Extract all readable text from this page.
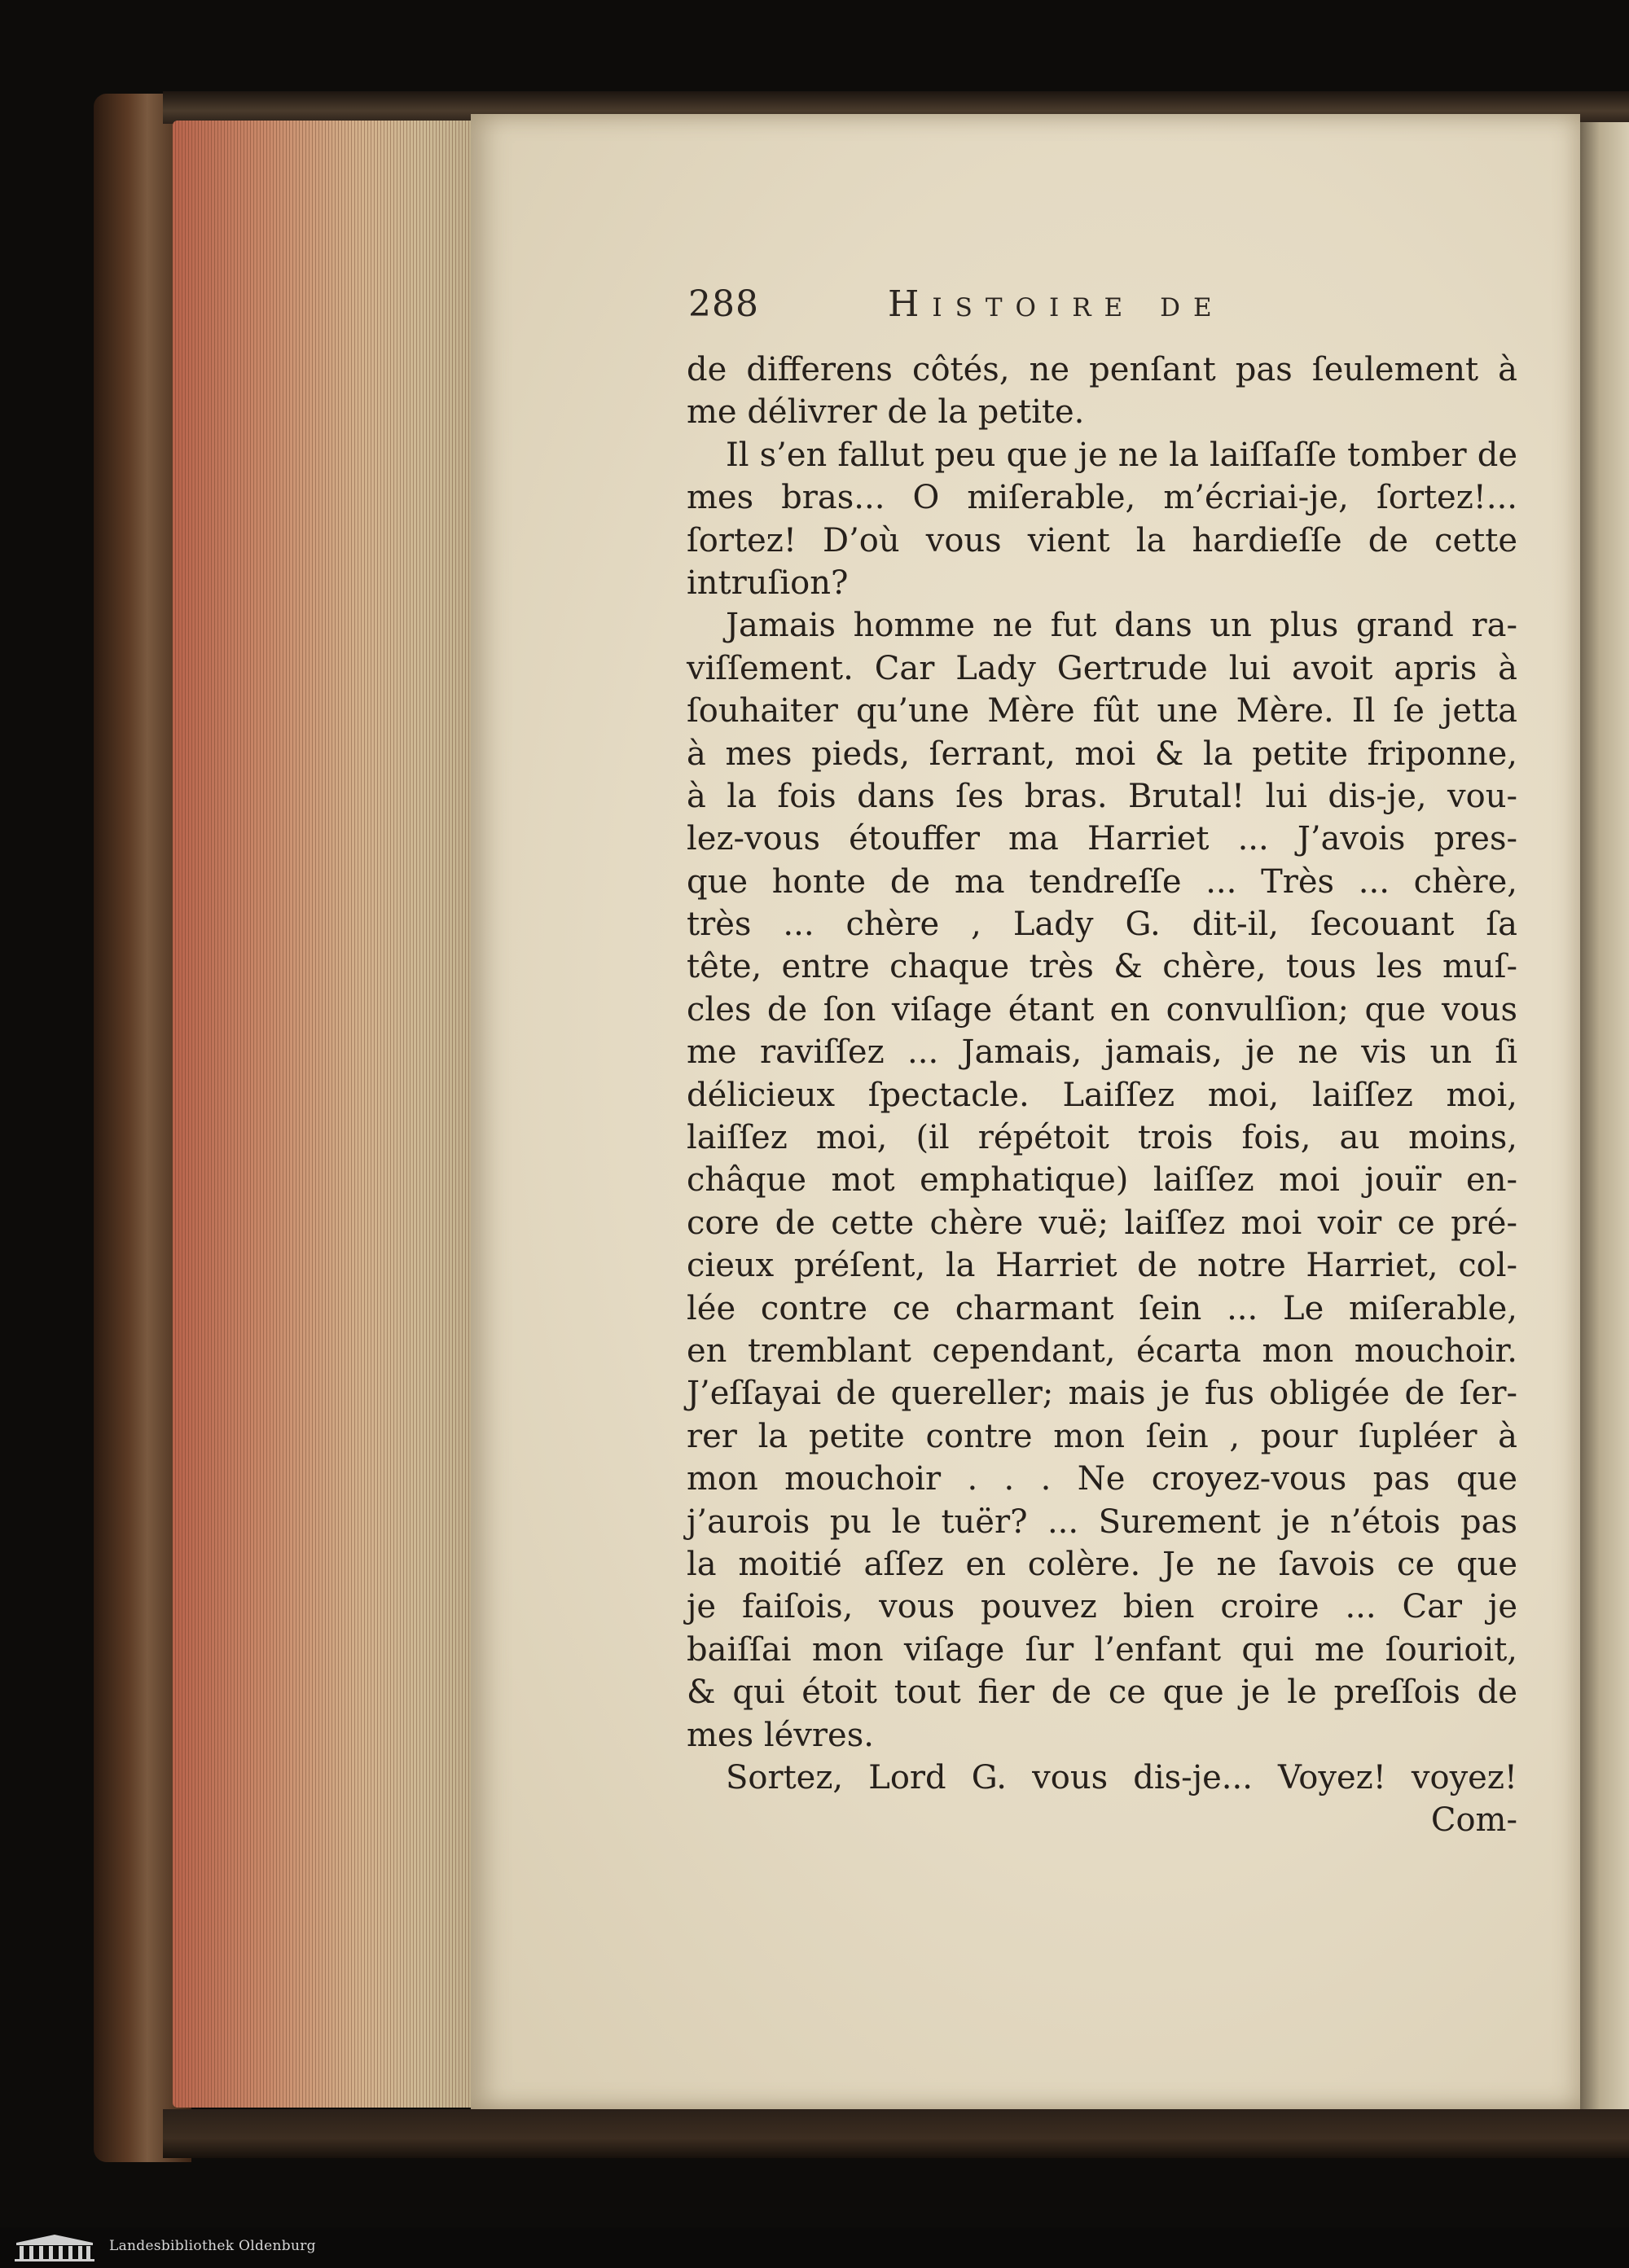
288	Histoire de
de differens côtés, ne penſant pas ſeulement à
me délivrer de la petite.
Il s’en fallut peu que je ne la laiſſaſſe tomber de
mes bras... O miſerable, m’écriai-je, ſortez!...
ſortez! D’où vous vient la hardieſſe de cette
intruſion?
Jamais homme ne fut dans un plus grand ra-
viſſement. Car Lady Gertrude lui avoit apris à
ſouhaiter qu’une Mère fût une Mère. Il ſe jetta
à mes pieds, ſerrant, moi & la petite friponne,
à la fois dans ſes bras. Brutal! lui dis-je, vou-
lez-vous étouffer ma Harriet ... J’avois pres-
que honte de ma tendreſſe ... Très ... chère,
très ... chère , Lady G. dit-il, ſecouant ſa
tête, entre chaque très & chère, tous les muſ-
cles de ſon viſage étant en convulſion; que vous
me raviſſez ... Jamais, jamais, je ne vis un ſi
délicieux ſpectacle. Laiſſez moi, laiſſez moi,
laiſſez moi, (il répétoit trois fois, au moins,
châque mot emphatique) laiſſez moi jouïr en-
core de cette chère vuë; laiſſez moi voir ce pré-
cieux préſent, la Harriet de notre Harriet, col-
lée contre ce charmant ſein ... Le miſerable,
en tremblant cependant, écarta mon mouchoir.
J’eſſayai de quereller; mais je fus obligée de ſer-
rer la petite contre mon ſein , pour ſupléer à
mon mouchoir . . . Ne croyez-vous pas que
j’aurois pu le tuër? ... Surement je n’étois pas
la moitié aſſez en colère. Je ne ſavois ce que
je faiſois, vous pouvez bien croire ... Car je
baiſſai mon viſage ſur l’enfant qui me ſourioit,
& qui étoit tout fier de ce que je le preſſois de
mes lévres.
Sortez, Lord G. vous dis-je... Voyez! voyez!
Com-
Landesbibliothek Oldenburg
